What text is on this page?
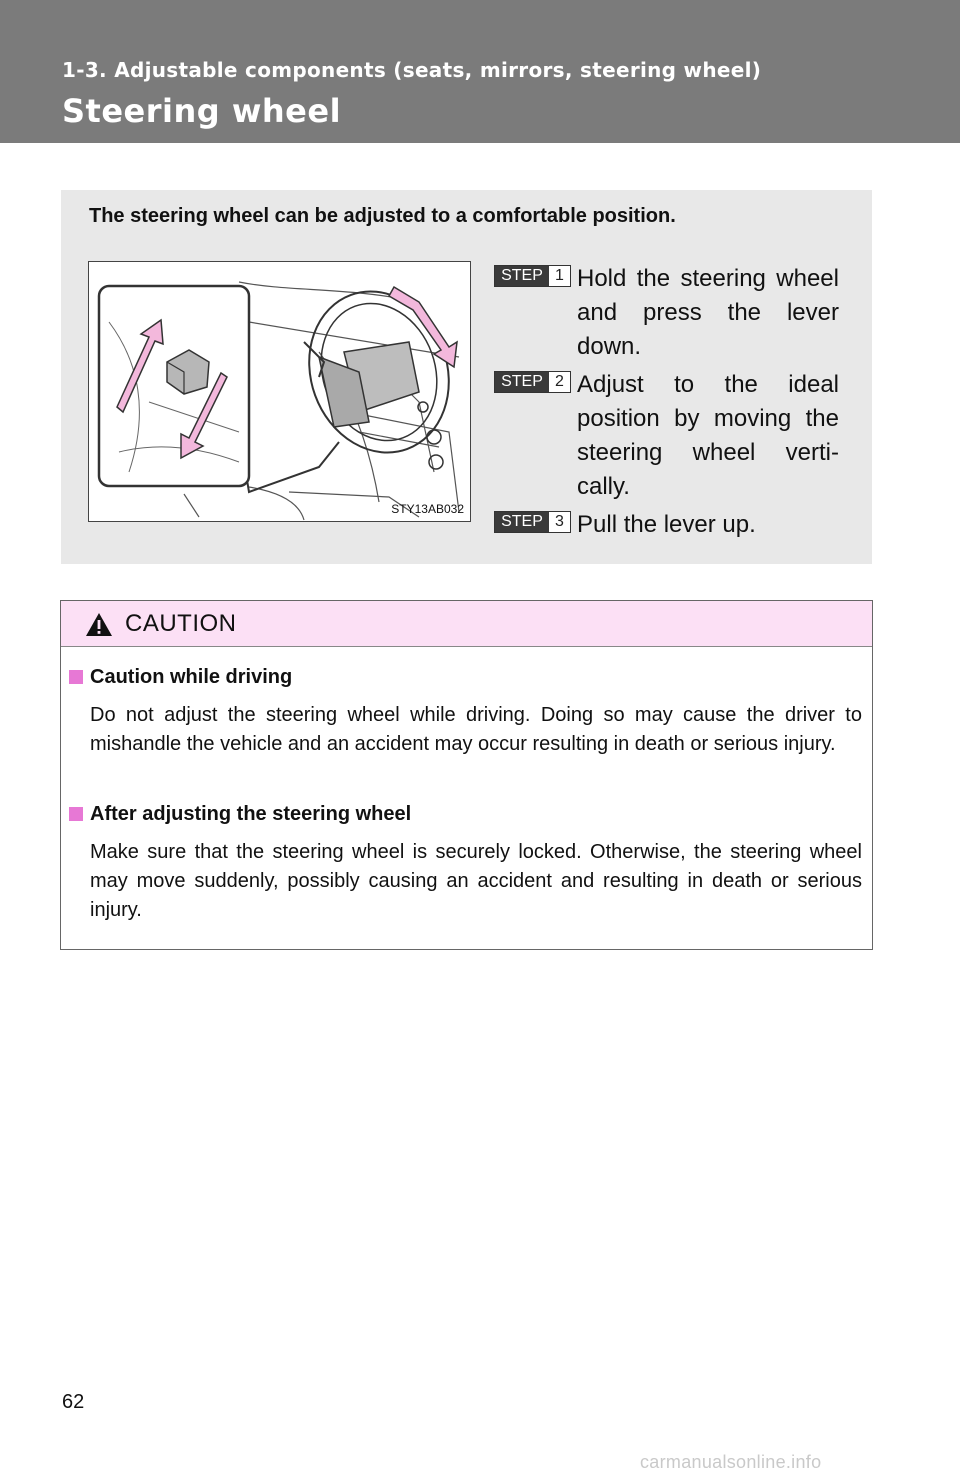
1-3. Adjustable components (seats, mirrors, steering wheel)
Steering wheel

The steering wheel can be adjusted to a comfortable position.

STY13AB032
STEP 1 Hold the steering wheel and press the lever down.

STEP 2 Adjust to the ideal position by moving the steering wheel verti-cally.

STEP 3 Pull the lever up.

CAUTION

Caution while driving

Do not adjust the steering wheel while driving. Doing so may cause the driver to mishandle the vehicle and an accident may occur resulting in death or serious injury.

After adjusting the steering wheel

Make sure that the steering wheel is securely locked. Otherwise, the steering wheel may move suddenly, possibly causing an accident and resulting in death or serious injury.

62
carmanualsonline.info
